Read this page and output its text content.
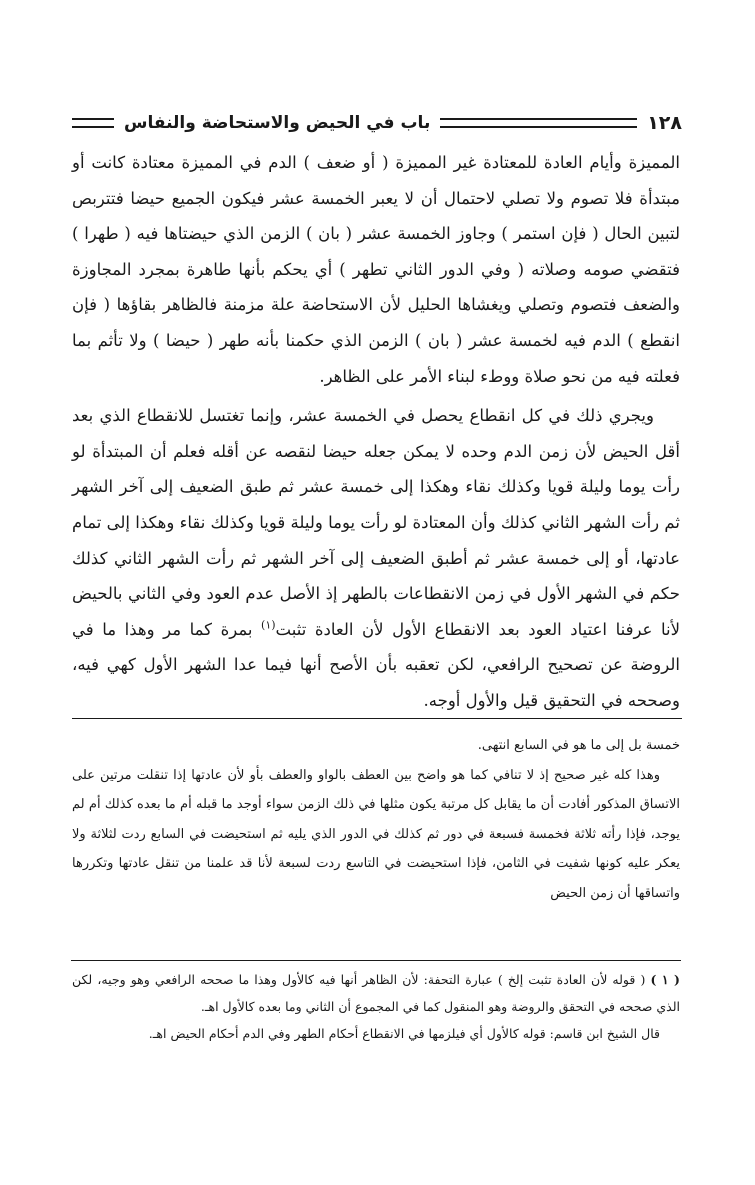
١٢٨
باب في الحيض والاستحاضة والنفاس

المميزة وأيام العادة للمعتادة غير المميزة ( أو ضعف ) الدم في المميزة معتادة كانت أو مبتدأة فلا تصوم ولا تصلي لاحتمال أن لا يعبر الخمسة عشر فيكون الجميع حيضا فتتربص لتبين الحال ( فإن استمر ) وجاوز الخمسة عشر ( بان ) الزمن الذي حيضتاها فيه ( طهرا ) فتقضي صومه وصلاته ( وفي الدور الثاني تطهر ) أي يحكم بأنها طاهرة بمجرد المجاوزة والضعف فتصوم وتصلي ويغشاها الحليل لأن الاستحاضة علة مزمنة فالظاهر بقاؤها ( فإن انقطع ) الدم فيه لخمسة عشر ( بان ) الزمن الذي حكمنا بأنه طهر ( حيضا ) ولا تأثم بما فعلته فيه من نحو صلاة ووطء لبناء الأمر على الظاهر.

ويجري ذلك في كل انقطاع يحصل في الخمسة عشر، وإنما تغتسل للانقطاع الذي بعد أقل الحيض لأن زمن الدم وحده لا يمكن جعله حيضا لنقصه عن أقله فعلم أن المبتدأة لو رأت يوما وليلة قويا وكذلك نقاء وهكذا إلى خمسة عشر ثم طبق الضعيف إلى آخر الشهر ثم رأت الشهر الثاني كذلك وأن المعتادة لو رأت يوما وليلة قويا وكذلك نقاء وهكذا إلى تمام عادتها، أو إلى خمسة عشر ثم أطبق الضعيف إلى آخر الشهر ثم رأت الشهر الثاني كذلك حكم في الشهر الأول في زمن الانقطاعات بالطهر إذ الأصل عدم العود وفي الثاني بالحيض لأنا عرفنا اعتياد العود بعد الانقطاع الأول لأن العادة تثبت$^{(١)}$ بمرة كما مر وهذا ما في الروضة عن تصحيح الرافعي، لكن تعقبه بأن الأصح أنها فيما عدا الشهر الأول كهي فيه، وصححه في التحقيق قيل والأول أوجه.

خمسة بل إلى ما هو في السابع انتهى.

وهذا كله غير صحيح إذ لا تنافي كما هو واضح بين العطف بالواو والعطف بأو لأن عادتها إذا تنقلت مرتين على الاتساق المذكور أفادت أن ما يقابل كل مرتبة يكون مثلها في ذلك الزمن سواء أوجد ما قبله أم ما بعده كذلك أم لم يوجد، فإذا رأته ثلاثة فخمسة فسبعة في دور ثم كذلك في الدور الذي يليه ثم استحيضت في السابع ردت لثلاثة ولا يعكر عليه كونها شفيت في الثامن، فإذا استحيضت في التاسع ردت لسبعة لأنا قد علمنا من تنقل عادتها وتكررها واتساقها أن زمن الحيض

( ١ ) ( قوله لأن العادة تثبت إلخ ) عبارة التحفة: لأن الظاهر أنها فيه كالأول وهذا ما صححه الرافعي وهو وجيه، لكن الذي صححه في التحقق والروضة وهو المنقول كما في المجموع أن الثاني وما بعده كالأول اهـ.

قال الشيخ ابن قاسم: قوله كالأول أي فيلزمها في الانقطاع أحكام الطهر وفي الدم أحكام الحيض اهـ.
